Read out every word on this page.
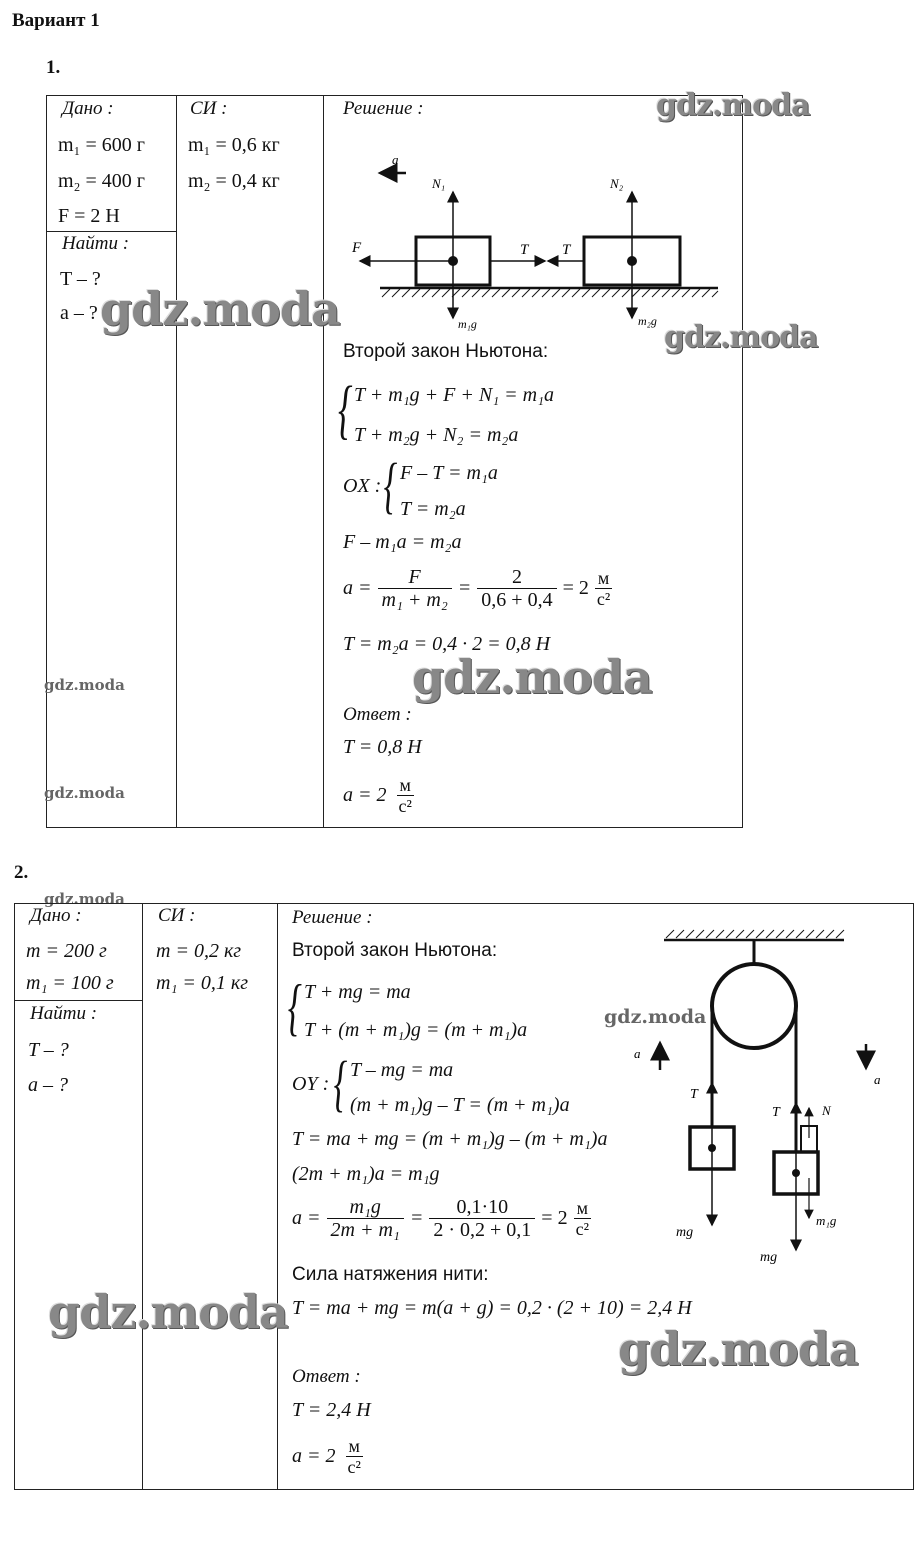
Вариант 1
1.
Дано :
m₁ = 600 г
m₂ = 400 г
F = 2 Н
Найти :
T – ?
a – ?
СИ :
m₁ = 0,6 кг
m₂ = 0,4 кг
Решение :
a
N₁	N₂
F	T T
m₁g	m₂g
Второй закон Ньютона:
{ T + m₁g + F + N₁ = m₁a
T + m₂g + N₂ = m₂a
OX : { F – T = m₁a
T = m₂a
F – m₁a = m₂a
$a = \frac{F}{\text{m₁ + m₂}} = \frac{2}{0,6 + 0,4} = 2$ м
с²
T = m₂a = 0,4 · 2 = 0,8 Н
Ответ :
T = 0,8 Н
a = 2 м
с²
gdz.moda
gdz.moda
gdz.moda
gdz.moda
gdz.moda
gdz.moda
2.
gdz.moda
Дано :
m = 200 г
m₁ = 100 г
Найти :
T – ?
a – ?
СИ :
m = 0,2 кг
m₁ = 0,1 кг
Решение :
Второй закон Ньютона:
{ T + mg = ma
T + (m + m₁)g = (m + m₁)a
OY : { T – mg = ma
(m + m₁)g – T = (m + m₁)a
T = ma + mg = (m + m₁)g – (m + m₁)a
(2m + m₁)a = m₁g
$a = \frac{\text{m₁g}}{\text{2m + m₁}} = \frac{0,1\cdot 10}{2 \cdot 0,2 + 0,1} = 2$ м
с²
Сила натяжения нити:
T = ma + mg = m(a + g) = 0,2 · (2 + 10) = 2,4 Н
Ответ :
T = 2,4 Н
a = 2 м
с²
a
a
T
T	N
mg
mg
m₁g
gdz.moda
gdz.moda
gdz.moda
